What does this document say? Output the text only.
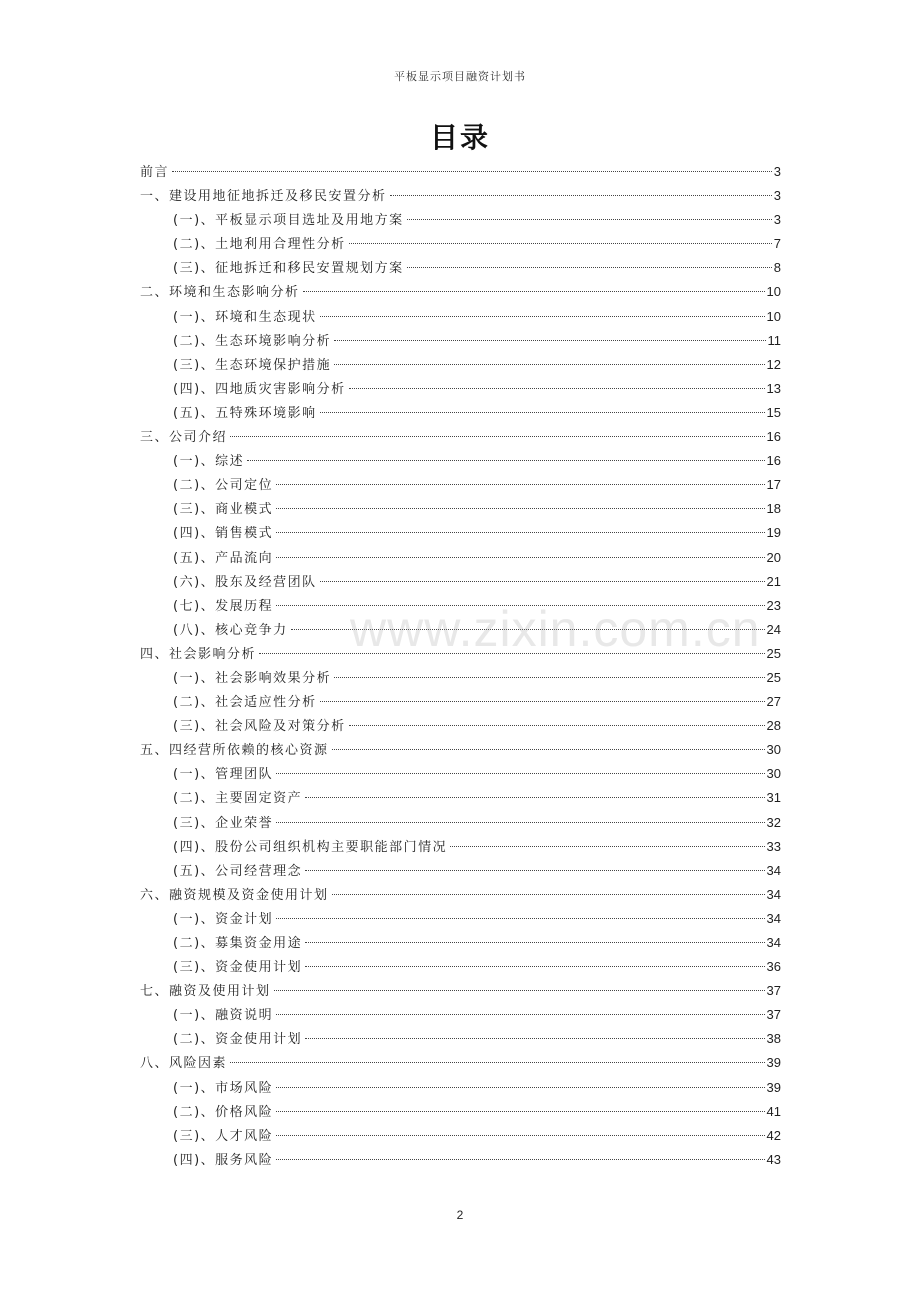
平板显示项目融资计划书
目录
前言	3
一、建设用地征地拆迁及移民安置分析	3
(一)、平板显示项目选址及用地方案	3
(二)、土地利用合理性分析	7
(三)、征地拆迁和移民安置规划方案	8
二、环境和生态影响分析	10
(一)、环境和生态现状	10
(二)、生态环境影响分析	11
(三)、生态环境保护措施	12
(四)、四地质灾害影响分析	13
(五)、五特殊环境影响	15
三、公司介绍	16
(一)、综述	16
(二)、公司定位	17
(三)、商业模式	18
(四)、销售模式	19
(五)、产品流向	20
(六)、股东及经营团队	21
(七)、发展历程	23
(八)、核心竞争力	24
四、社会影响分析	25
(一)、社会影响效果分析	25
(二)、社会适应性分析	27
(三)、社会风险及对策分析	28
五、四经营所依赖的核心资源	30
(一)、管理团队	30
(二)、主要固定资产	31
(三)、企业荣誉	32
(四)、股份公司组织机构主要职能部门情况	33
(五)、公司经营理念	34
六、融资规模及资金使用计划	34
(一)、资金计划	34
(二)、募集资金用途	34
(三)、资金使用计划	36
七、融资及使用计划	37
(一)、融资说明	37
(二)、资金使用计划	38
八、风险因素	39
(一)、市场风险	39
(二)、价格风险	41
(三)、人才风险	42
(四)、服务风险	43
www.zixin.com.cn
2
